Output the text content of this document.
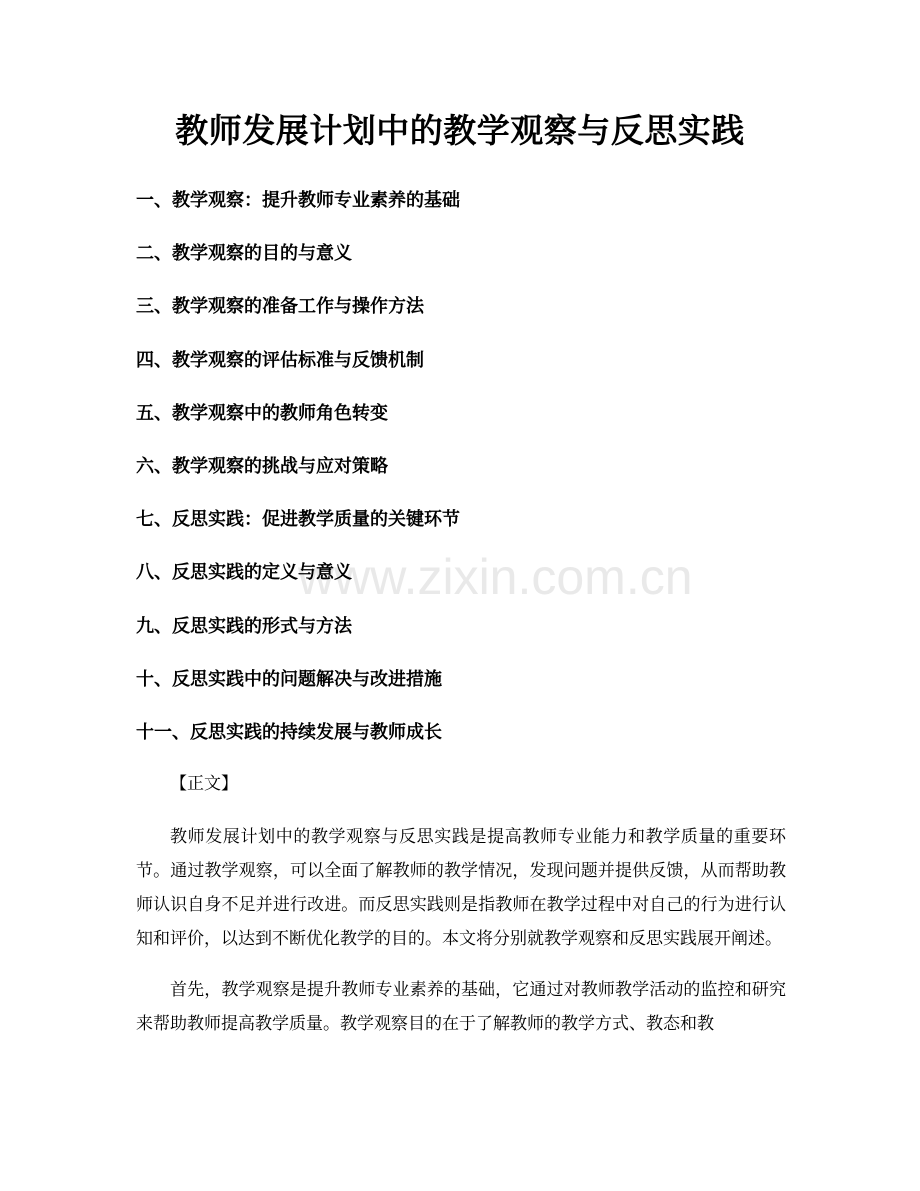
www.zixin.com.cn
教师发展计划中的教学观察与反思实践
一、教学观察：提升教师专业素养的基础
二、教学观察的目的与意义
三、教学观察的准备工作与操作方法
四、教学观察的评估标准与反馈机制
五、教学观察中的教师角色转变
六、教学观察的挑战与应对策略
七、反思实践：促进教学质量的关键环节
八、反思实践的定义与意义
九、反思实践的形式与方法
十、反思实践中的问题解决与改进措施
十一、反思实践的持续发展与教师成长
【正文】

教师发展计划中的教学观察与反思实践是提高教师专业能力和教学质量的重要环节。通过教学观察，可以全面了解教师的教学情况，发现问题并提供反馈，从而帮助教师认识自身不足并进行改进。而反思实践则是指教师在教学过程中对自己的行为进行认知和评价，以达到不断优化教学的目的。本文将分别就教学观察和反思实践展开阐述。

首先，教学观察是提升教师专业素养的基础，它通过对教师教学活动的监控和研究来帮助教师提高教学质量。教学观察目的在于了解教师的教学方式、教态和教
